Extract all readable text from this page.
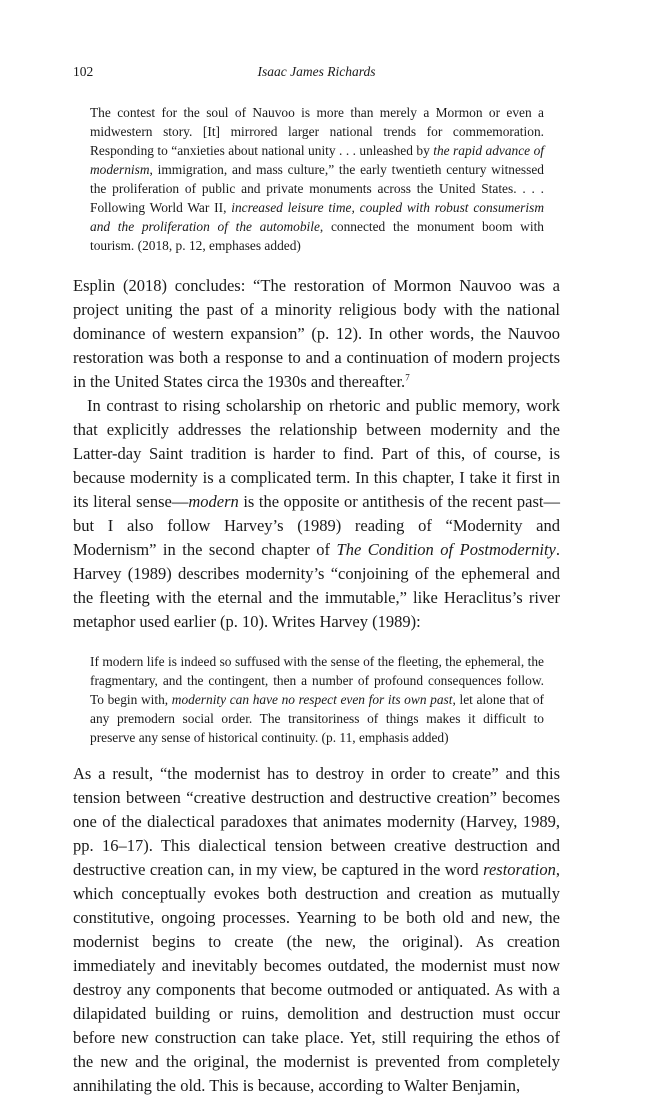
102	Isaac James Richards

The contest for the soul of Nauvoo is more than merely a Mormon or even a midwestern story. [It] mirrored larger national trends for commemoration. Responding to “anxieties about national unity . . . unleashed by the rapid advance of modernism, immigration, and mass culture,” the early twentieth century witnessed the proliferation of public and private monuments across the United States. . . . Following World War II, increased leisure time, coupled with robust consumerism and the proliferation of the automobile, connected the monument boom with tourism. (2018, p. 12, emphases added)

Esplin (2018) concludes: “The restoration of Mormon Nauvoo was a project uniting the past of a minority religious body with the national dominance of western expansion” (p. 12). In other words, the Nauvoo restoration was both a response to and a continuation of modern projects in the United States circa the 1930s and thereafter.$^7$

In contrast to rising scholarship on rhetoric and public memory, work that explicitly addresses the relationship between modernity and the Latter-day Saint tradition is harder to find. Part of this, of course, is because modernity is a complicated term. In this chapter, I take it first in its literal sense—modern is the opposite or antithesis of the recent past—but I also follow Harvey’s (1989) reading of “Modernity and Modernism” in the second chapter of The Condition of Postmodernity. Harvey (1989) describes modernity’s “conjoining of the ephemeral and the fleeting with the eternal and the immutable,” like Heraclitus’s river metaphor used earlier (p. 10). Writes Harvey (1989):

If modern life is indeed so suffused with the sense of the fleeting, the ephemeral, the fragmentary, and the contingent, then a number of profound consequences follow. To begin with, modernity can have no respect even for its own past, let alone that of any premodern social order. The transitoriness of things makes it difficult to preserve any sense of historical continuity. (p. 11, emphasis added)

As a result, “the modernist has to destroy in order to create” and this tension between “creative destruction and destructive creation” becomes one of the dialectical paradoxes that animates modernity (Harvey, 1989, pp. 16–17). This dialectical tension between creative destruction and destructive creation can, in my view, be captured in the word restoration, which conceptually evokes both destruction and creation as mutually constitutive, ongoing processes. Yearning to be both old and new, the modernist begins to create (the new, the original). As creation immediately and inevitably becomes outdated, the modernist must now destroy any components that become outmoded or antiquated. As with a dilapidated building or ruins, demolition and destruction must occur before new construction can take place. Yet, still requiring the ethos of the new and the original, the modernist is prevented from completely annihilating the old. This is because, according to Walter Benjamin,
